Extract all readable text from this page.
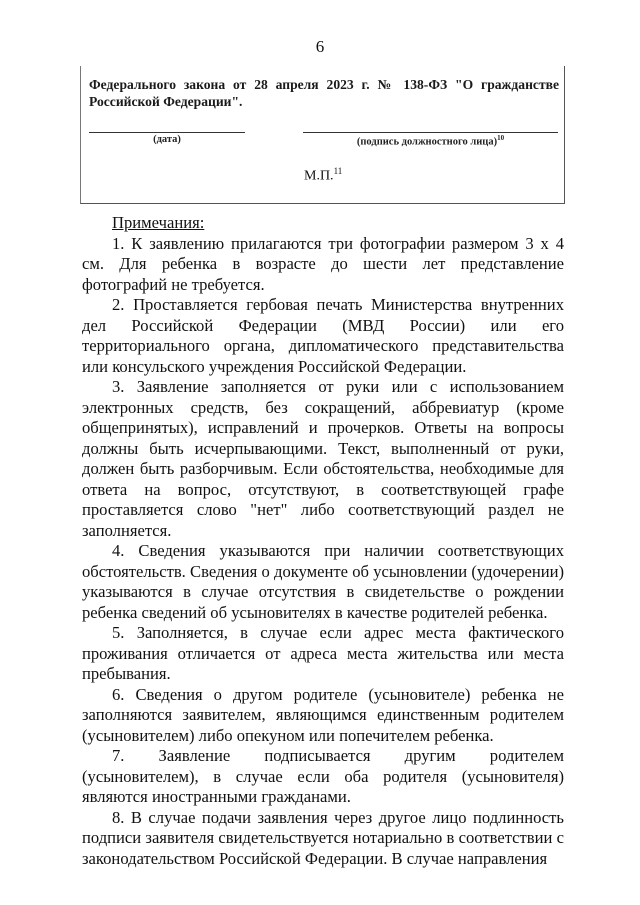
6
Федерального закона от 28 апреля 2023 г. № 138-ФЗ "О гражданстве Российской Федерации".
(дата)	(подпись должностного лица)$^{10}$
М.П.$^{11}$

Примечания:

1. К заявлению прилагаются три фотографии размером 3 х 4 см. Для ребенка в возрасте до шести лет представление фотографий не требуется.

2. Проставляется гербовая печать Министерства внутренних дел Российской Федерации (МВД России) или его территориального органа, дипломатического представительства или консульского учреждения Российской Федерации.

3. Заявление заполняется от руки или с использованием электронных средств, без сокращений, аббревиатур (кроме общепринятых), исправлений и прочерков. Ответы на вопросы должны быть исчерпывающими. Текст, выполненный от руки, должен быть разборчивым. Если обстоятельства, необходимые для ответа на вопрос, отсутствуют, в соответствующей графе проставляется слово "нет" либо соответствующий раздел не заполняется.

4. Сведения указываются при наличии соответствующих обстоятельств. Сведения о документе об усыновлении (удочерении) указываются в случае отсутствия в свидетельстве о рождении ребенка сведений об усыновителях в качестве родителей ребенка.

5. Заполняется, в случае если адрес места фактического проживания отличается от адреса места жительства или места пребывания.

6. Сведения о другом родителе (усыновителе) ребенка не заполняются заявителем, являющимся единственным родителем (усыновителем) либо опекуном или попечителем ребенка.

7. Заявление подписывается другим родителем (усыновителем), в случае если оба родителя (усыновителя) являются иностранными гражданами.

8. В случае подачи заявления через другое лицо подлинность подписи заявителя свидетельствуется нотариально в соответствии с законодательством Российской Федерации. В случае направления
